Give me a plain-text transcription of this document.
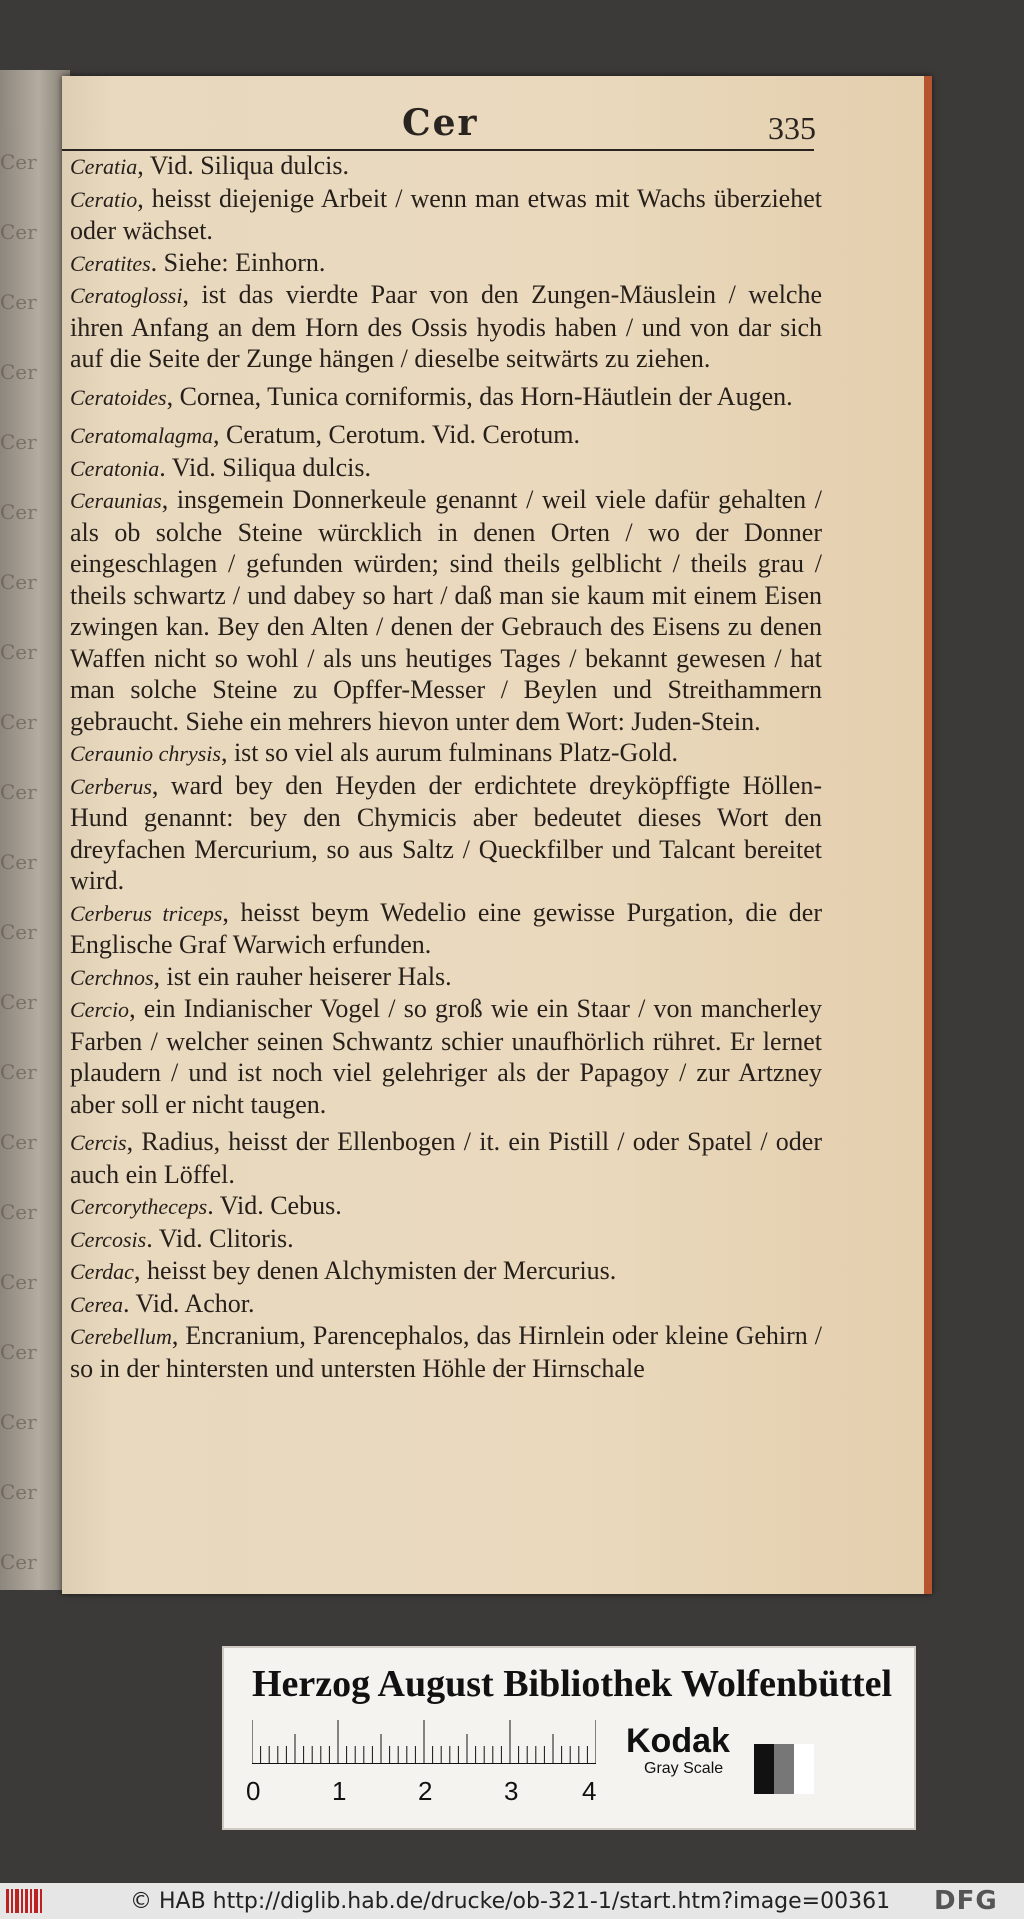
Cer
Cer
Cer
Cer
Cer
Cer
Cer
Cer
Cer
Cer
Cer
Cer
Cer
Cer
Cer
Cer
Cer
Cer
Cer
Cer
Cer
Cer	335

Ceratia, Vid. Siliqua dulcis.

Ceratio, heisst diejenige Arbeit / wenn man etwas mit Wachs überziehet oder wächset.

Ceratites. Siehe: Einhorn.

Ceratoglossi, ist das vierdte Paar von den Zungen-Mäuslein / welche ihren Anfang an dem Horn des Ossis hyodis haben / und von dar sich auf die Seite der Zunge hängen / dieselbe seitwärts zu ziehen.

Ceratoides, Cornea, Tunica corniformis, das Horn-Häutlein der Augen.

Ceratomalagma, Ceratum, Cerotum. Vid. Cerotum.

Ceratonia. Vid. Siliqua dulcis.

Ceraunias, insgemein Donnerkeule genannt / weil viele dafür gehalten / als ob solche Steine würcklich in denen Orten / wo der Donner eingeschlagen / gefunden würden; sind theils gelblicht / theils grau / theils schwartz / und dabey so hart / daß man sie kaum mit einem Eisen zwingen kan. Bey den Alten / denen der Gebrauch des Eisens zu denen Waffen nicht so wohl / als uns heutiges Tages / bekannt gewesen / hat man solche Steine zu Opffer-Messer / Beylen und Streithammern gebraucht. Siehe ein mehrers hievon unter dem Wort: Juden-Stein.

Ceraunio chrysis, ist so viel als aurum fulminans Platz-Gold.

Cerberus, ward bey den Heyden der erdichtete dreyköpffigte Höllen-Hund genannt: bey den Chymicis aber bedeutet dieses Wort den dreyfachen Mercurium, so aus Saltz / Queckfilber und Talcant bereitet wird.

Cerberus triceps, heisst beym Wedelio eine gewisse Purgation, die der Englische Graf Warwich erfunden.

Cerchnos, ist ein rauher heiserer Hals.

Cercio, ein Indianischer Vogel / so groß wie ein Staar / von mancherley Farben / welcher seinen Schwantz schier unaufhörlich rühret. Er lernet plaudern / und ist noch viel gelehriger als der Papagoy / zur Artzney aber soll er nicht taugen.

Cercis, Radius, heisst der Ellenbogen / it. ein Pistill / oder Spatel / oder auch ein Löffel.

Cercorytheceps. Vid. Cebus.

Cercosis. Vid. Clitoris.

Cerdac, heisst bey denen Alchymisten der Mercurius.

Cerea. Vid. Achor.

Cerebellum, Encranium, Parencephalos, das Hirnlein oder kleine Gehirn / so in der hintersten und untersten Höhle der Hirnschale

Herzog August Bibliothek Wolfenbüttel
0	1	2	3 4
Kodak
Gray Scale
© HAB http://diglib.hab.de/drucke/ob-321-1/start.htm?image=00361 DFG
